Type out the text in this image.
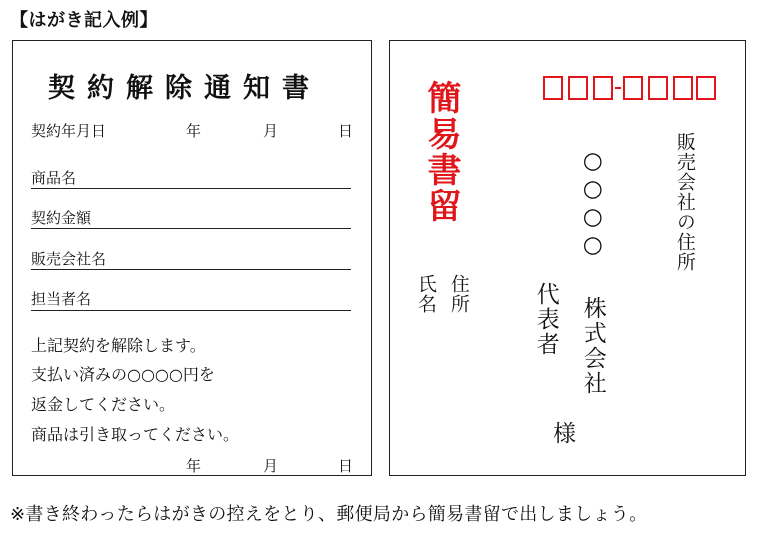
【はがき記入例】
契約解除通知書
契約年月日	年	月	日
商品名
契約金額
販売会社名
担当者名
上記契約を解除します。
支払い済みの○○○○円を
返金してください。
商品は引き取ってください。
年	月	日
簡易書留	販売会社の住所
○○○○
株式会社
代表者
様
住所
氏名
※書き終わったらはがきの控えをとり、郵便局から簡易書留で出しましょう。
